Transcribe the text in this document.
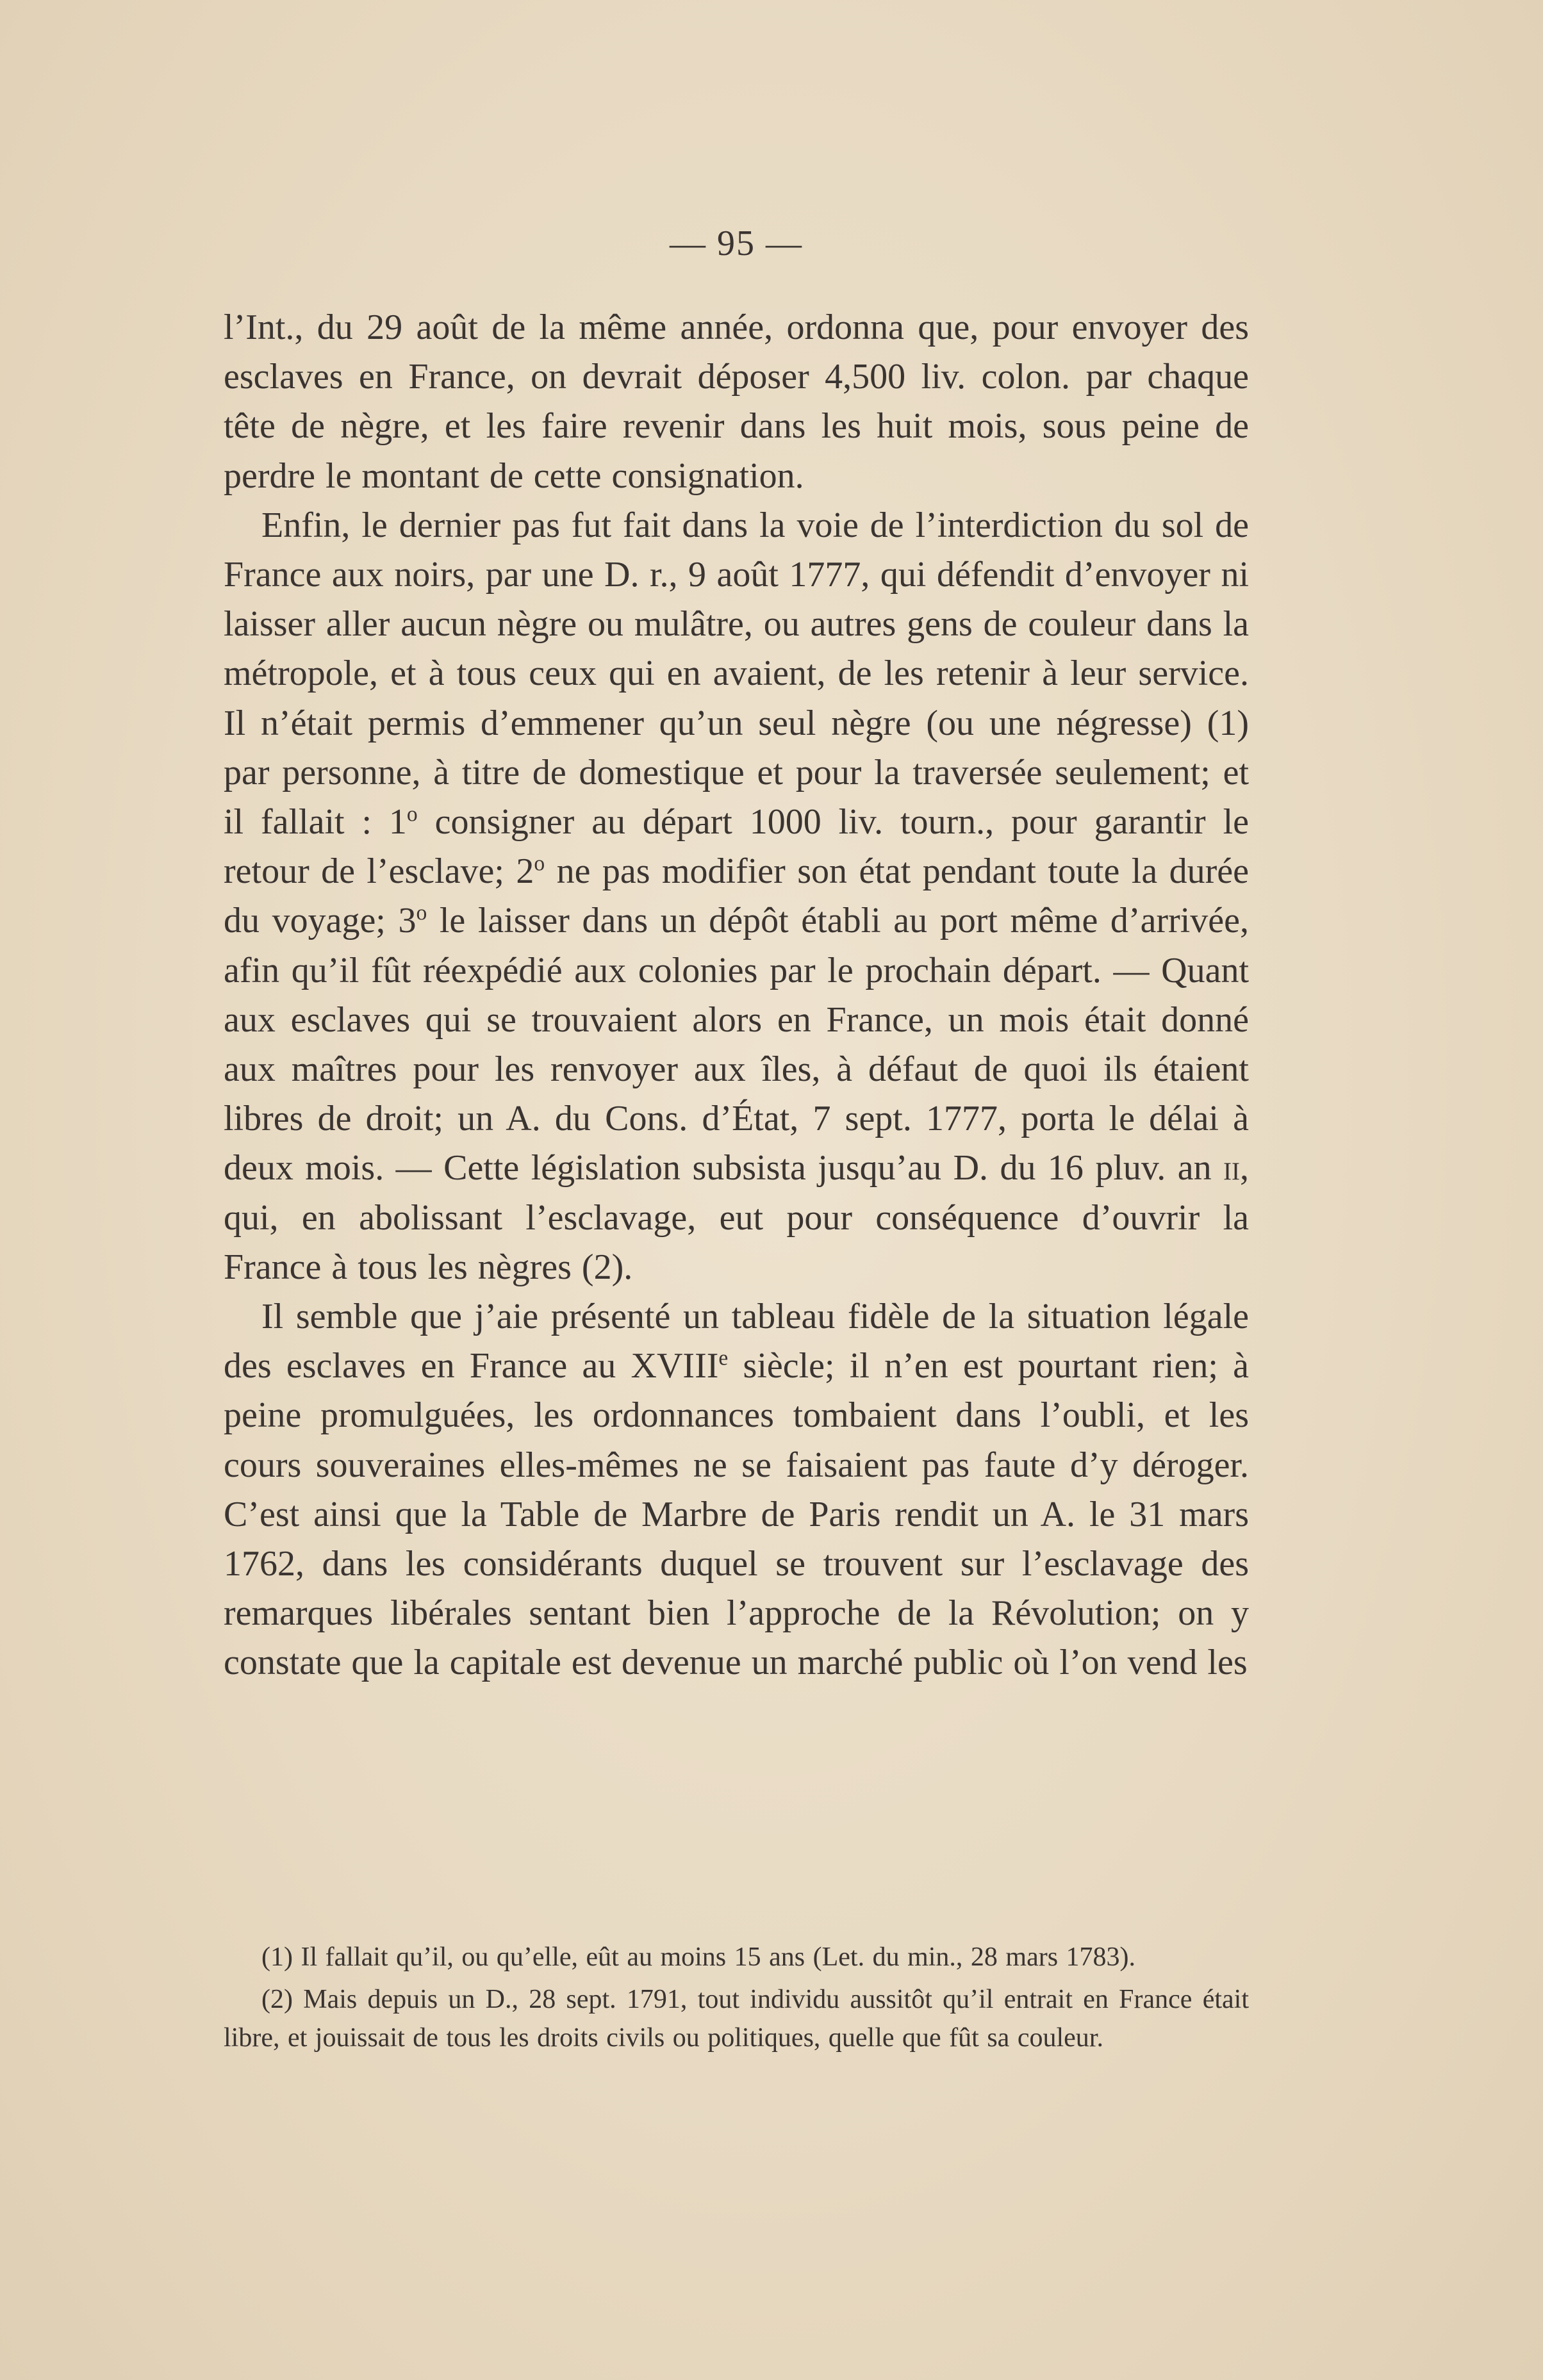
— 95 —

l’Int., du 29 août de la même année, ordonna que, pour envoyer des esclaves en France, on devrait déposer 4,500 liv. colon. par chaque tête de nègre, et les faire revenir dans les huit mois, sous peine de perdre le montant de cette consignation.

Enfin, le dernier pas fut fait dans la voie de l’interdiction du sol de France aux noirs, par une D. r., 9 août 1777, qui défendit d’envoyer ni laisser aller aucun nègre ou mulâtre, ou autres gens de couleur dans la métropole, et à tous ceux qui en avaient, de les retenir à leur service. Il n’était permis d’emmener qu’un seul nègre (ou une négresse) (1) par personne, à titre de domestique et pour la traversée seulement; et il fallait : 1$^o$ consigner au départ 1000 liv. tourn., pour garantir le retour de l’esclave; 2$^o$ ne pas modifier son état pendant toute la durée du voyage; 3$^o$ le laisser dans un dépôt établi au port même d’arrivée, afin qu’il fût réexpédié aux colonies par le prochain départ. — Quant aux esclaves qui se trouvaient alors en France, un mois était donné aux maîtres pour les renvoyer aux îles, à défaut de quoi ils étaient libres de droit; un A. du Cons. d’État, 7 sept. 1777, porta le délai à deux mois. — Cette législation subsista jusqu’au D. du 16 pluv. an ii, qui, en abolissant l’esclavage, eut pour conséquence d’ouvrir la France à tous les nègres (2).

Il semble que j’aie présenté un tableau fidèle de la situation légale des esclaves en France au XVIIIe siècle; il n’en est pourtant rien; à peine promulguées, les ordonnances tombaient dans l’oubli, et les cours souveraines elles-mêmes ne se faisaient pas faute d’y déroger. C’est ainsi que la Table de Marbre de Paris rendit un A. le 31 mars 1762, dans les considérants duquel se trouvent sur l’esclavage des remarques libérales sentant bien l’approche de la Révolution; on y constate que la capitale est devenue un marché public où l’on vend les

(1) Il fallait qu’il, ou qu’elle, eût au moins 15 ans (Let. du min., 28 mars 1783).

(2) Mais depuis un D., 28 sept. 1791, tout individu aussitôt qu’il entrait en France était libre, et jouissait de tous les droits civils ou politiques, quelle que fût sa couleur.
